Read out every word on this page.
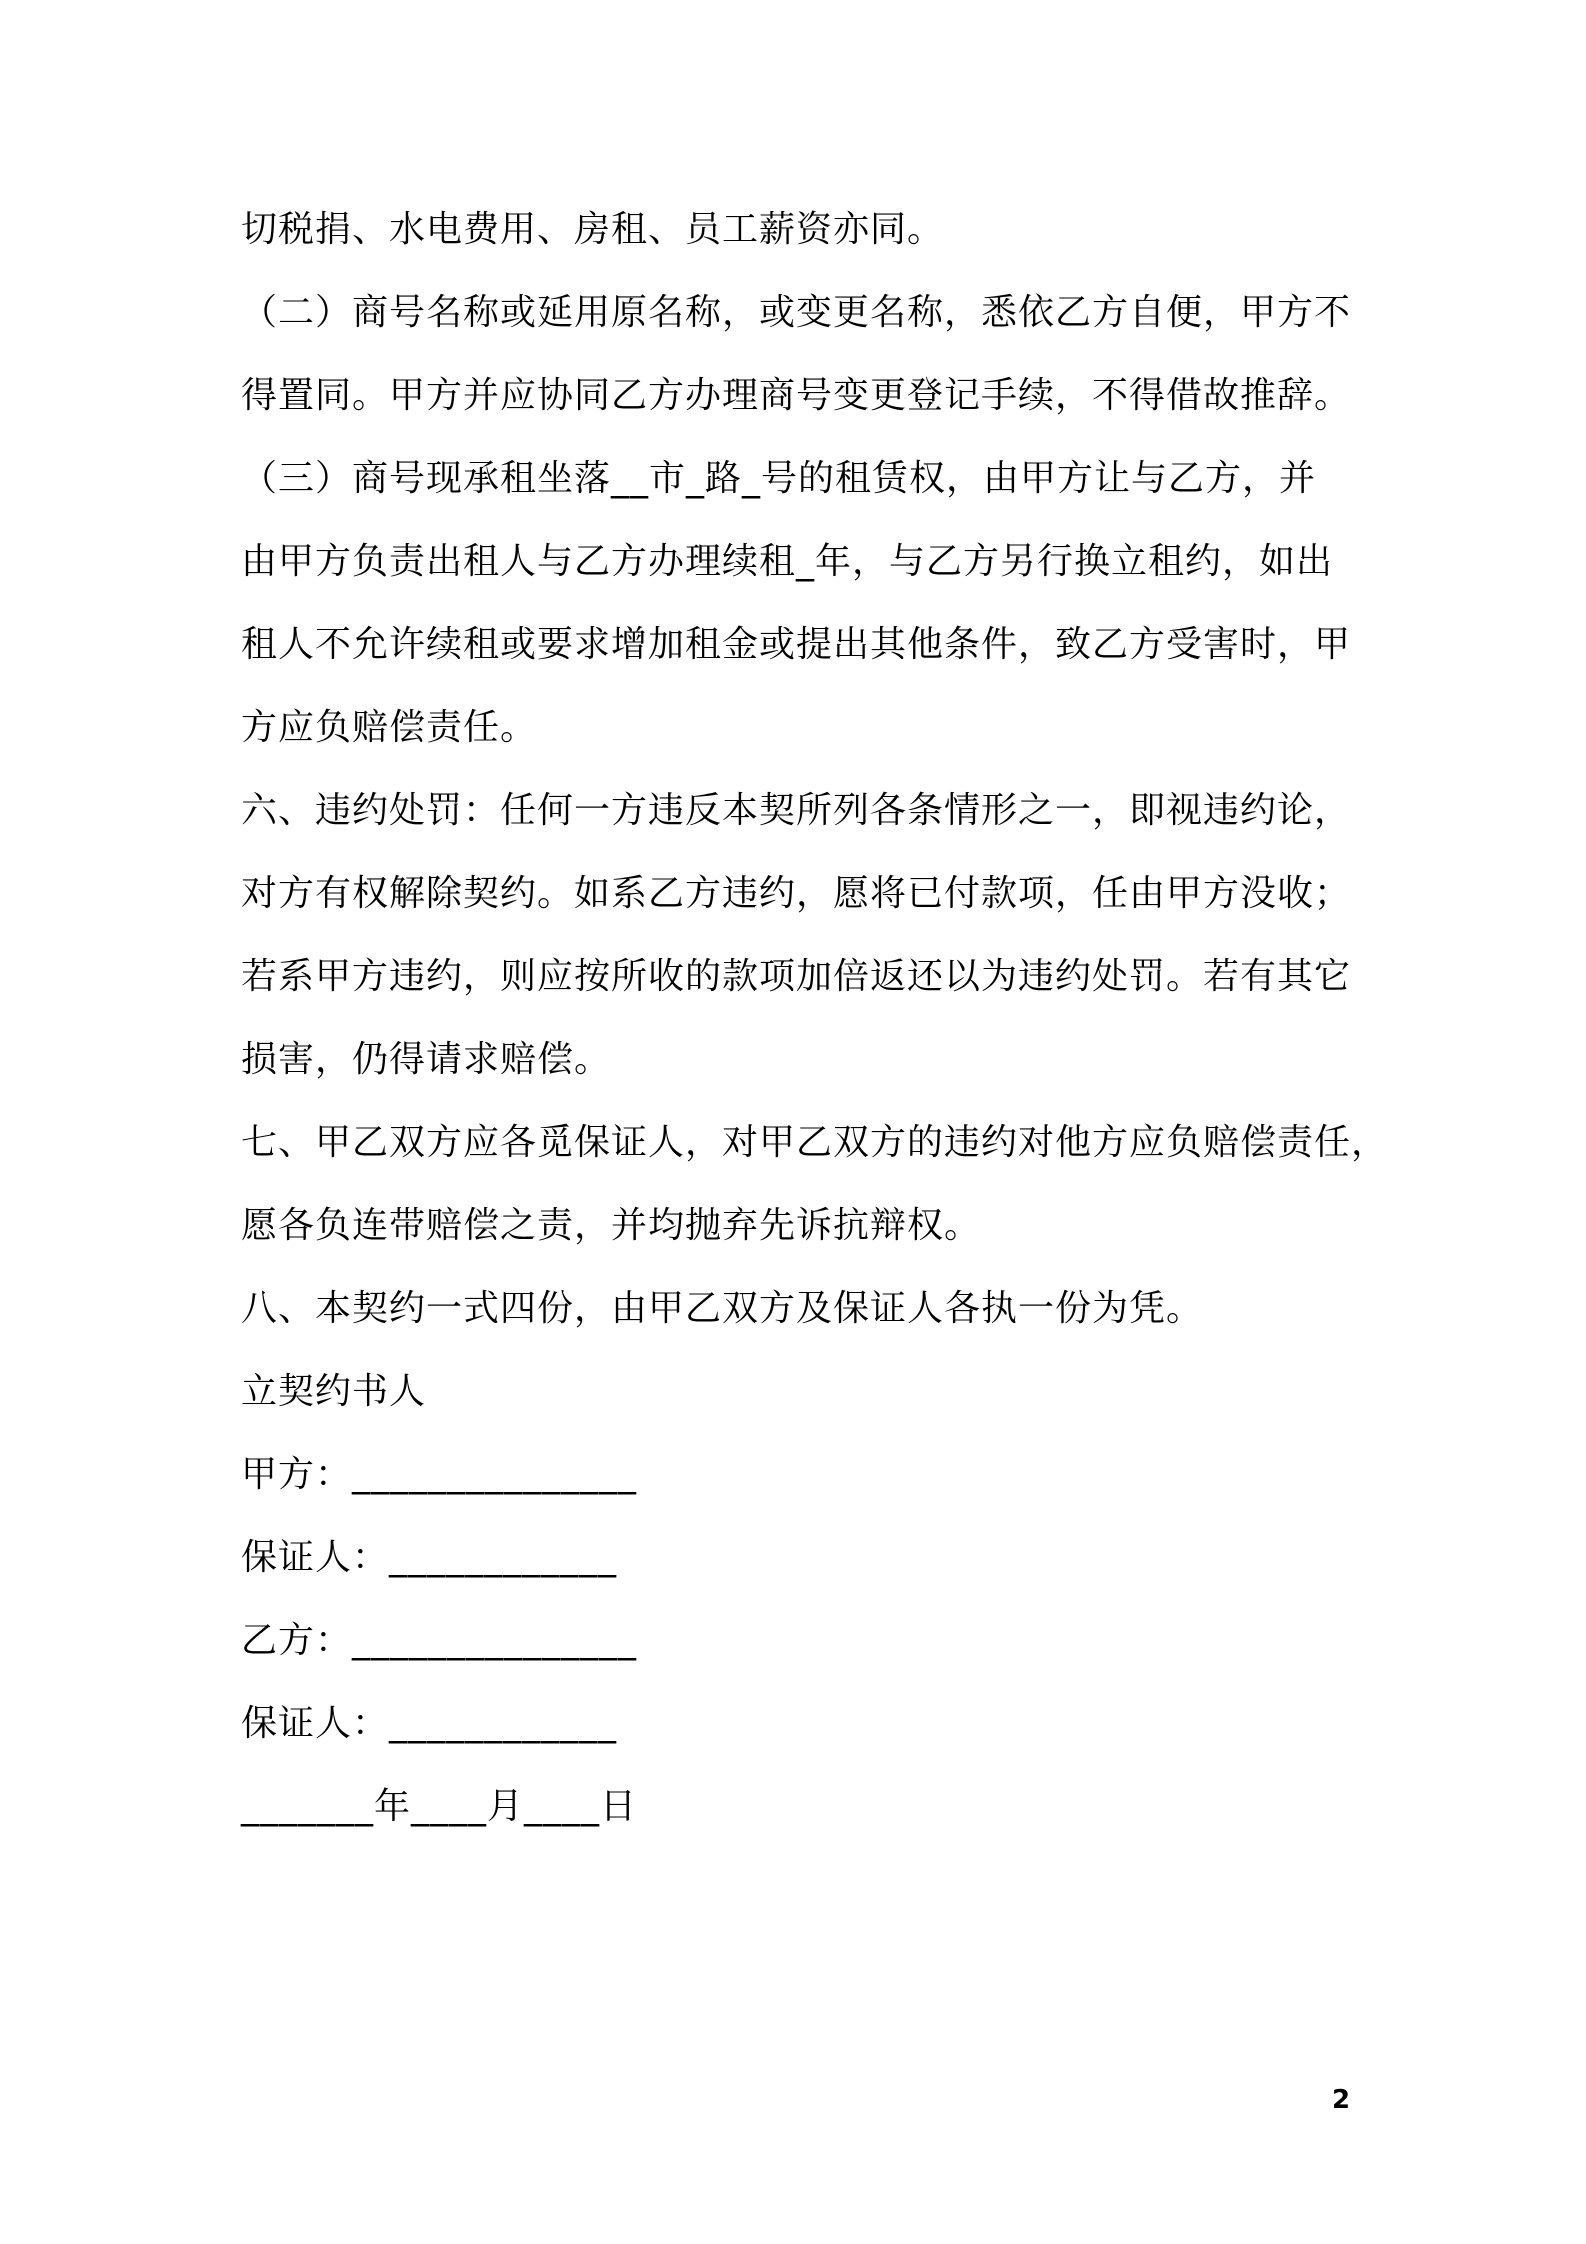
切税捐、水电费用、房租、员工薪资亦同。
（二）商号名称或延用原名称，或变更名称，悉依乙方自便，甲方不
得置同。甲方并应协同乙方办理商号变更登记手续，不得借故推辞。
（三）商号现承租坐落__市_路_号的租赁权，由甲方让与乙方，并
由甲方负责出租人与乙方办理续租_年，与乙方另行换立租约，如出
租人不允许续租或要求增加租金或提出其他条件，致乙方受害时，甲
方应负赔偿责任。
六、违约处罚：任何一方违反本契所列各条情形之一，即视违约论，
对方有权解除契约。如系乙方违约，愿将已付款项，任由甲方没收；
若系甲方违约，则应按所收的款项加倍返还以为违约处罚。若有其它
损害，仍得请求赔偿。
七、甲乙双方应各觅保证人，对甲乙双方的违约对他方应负赔偿责任，
愿各负连带赔偿之责，并均抛弃先诉抗辩权。
八、本契约一式四份，由甲乙双方及保证人各执一份为凭。
立契约书人
甲方：_______________
保证人：____________
乙方：_______________
保证人：____________
_______年____月____日
2
